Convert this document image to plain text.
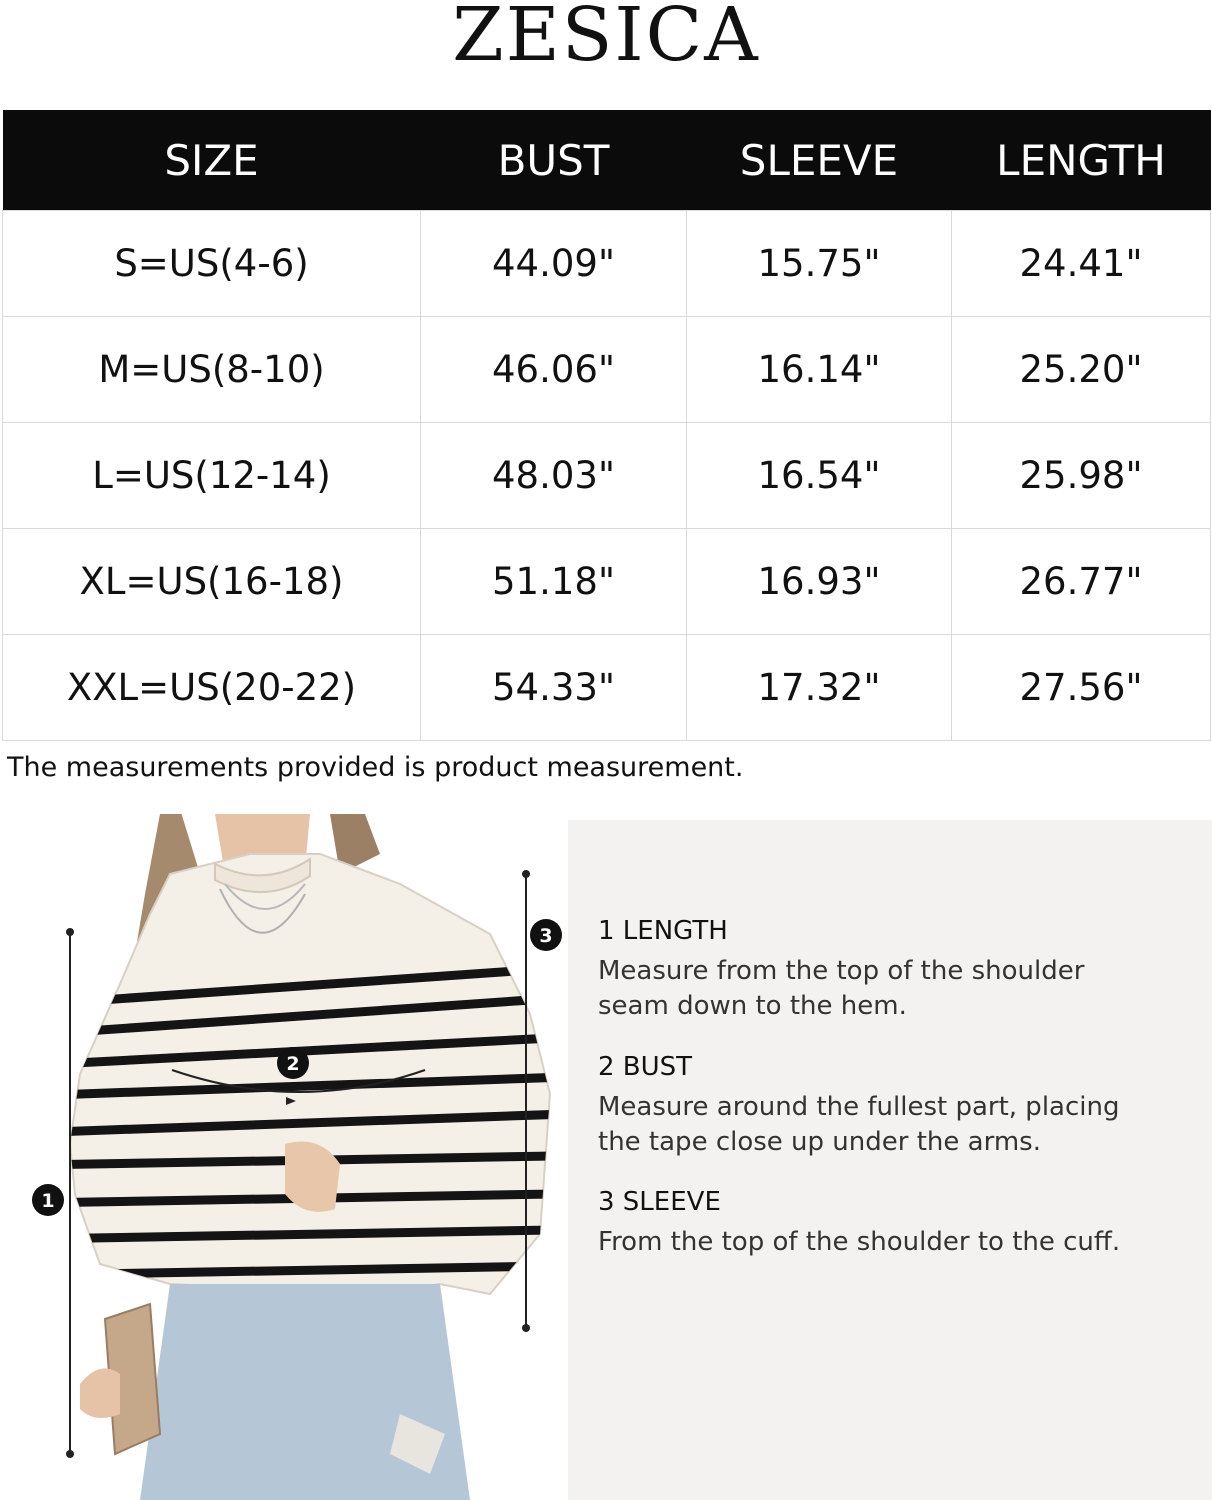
ZESICA
SIZE	BUST	SLEEVE	LENGTH
S=US(4-6)	44.09"	15.75"	24.41"
M=US(8-10)	46.06"	16.14"	25.20"
L=US(12-14)	48.03"	16.54"	25.98"
XL=US(16-18)	51.18"	16.93"	26.77"
XXL=US(20-22)	54.33"	17.32"	27.56"
The measurements provided is product measurement.
2
1
3 1 LENGTH
Measure from the top of the shoulder seam down to the hem.
2 BUST
Measure around the fullest part, placing the tape close up under the arms.
3 SLEEVE
From the top of the shoulder to the cuff.
